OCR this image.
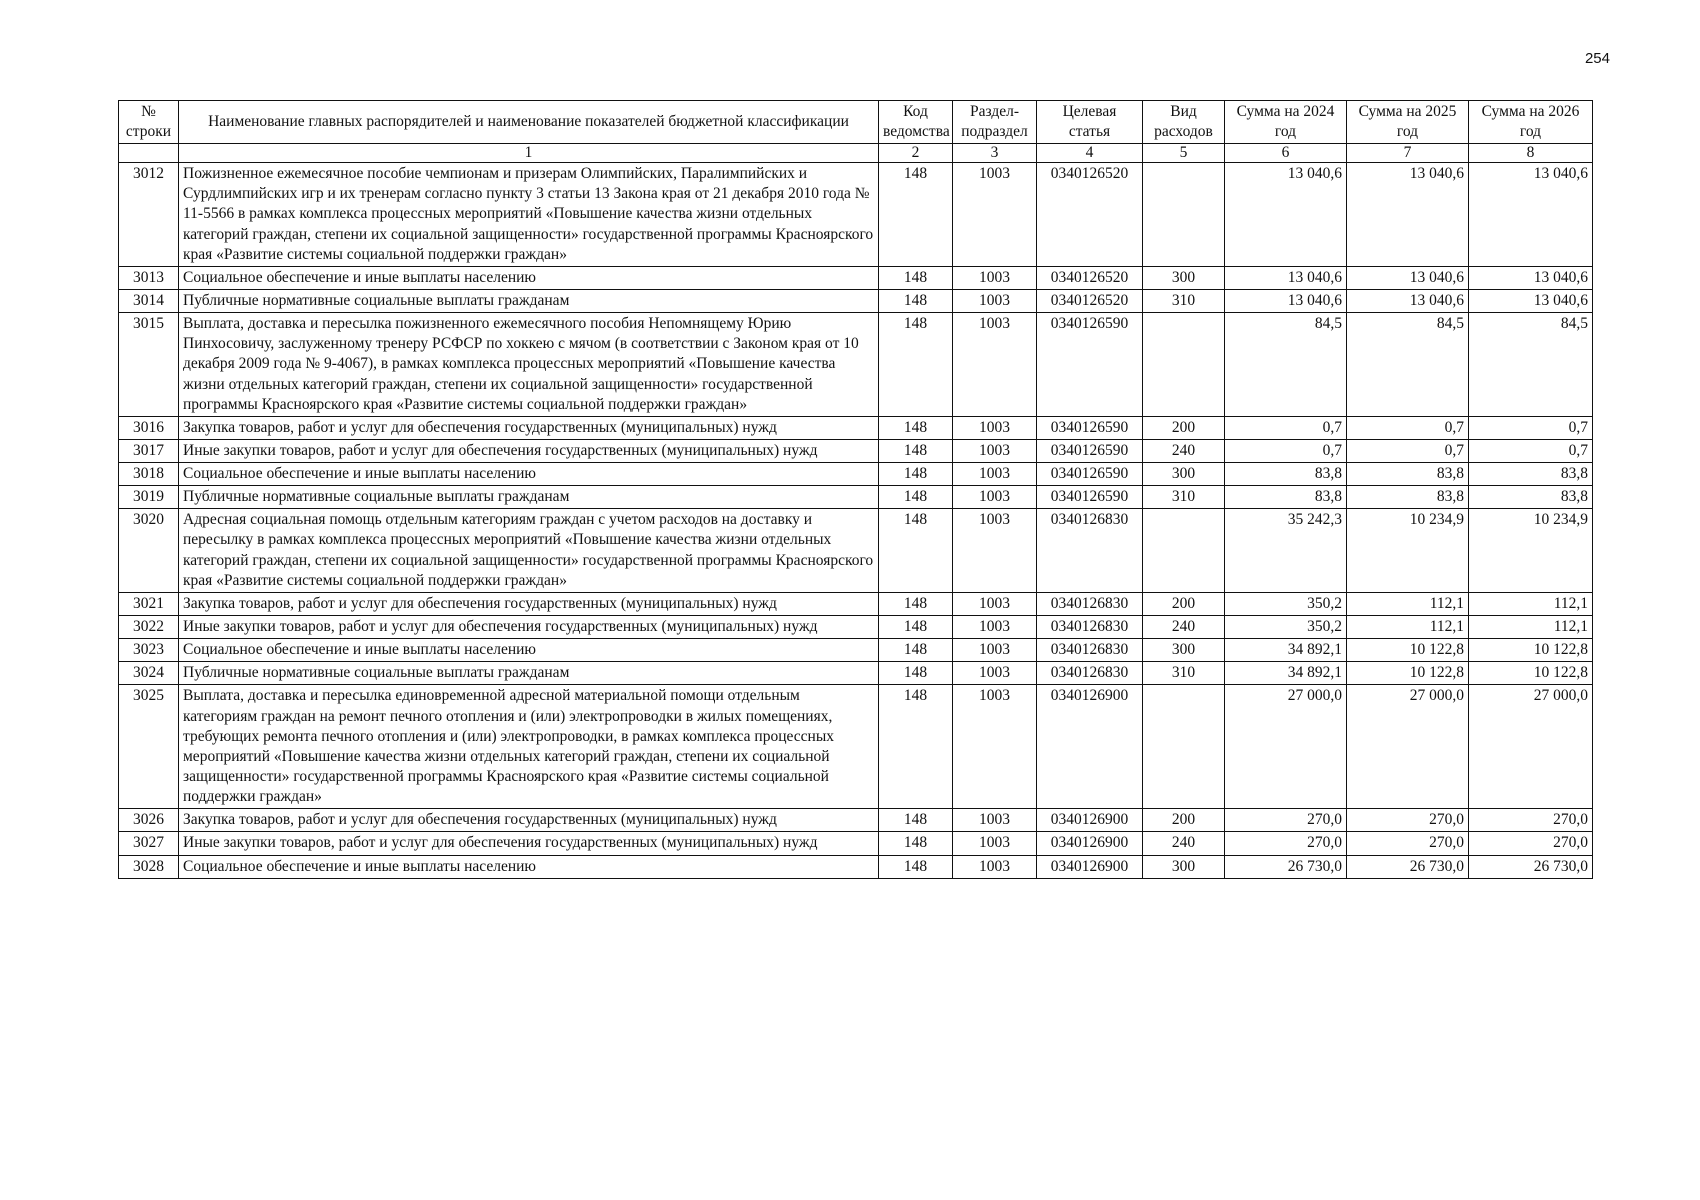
254
№ строки	Наименование главных распорядителей и наименование показателей бюджетной классификации	Код ведомства	Раздел-подраздел	Целевая статья	Вид расходов	Сумма на 2024 год	Сумма на 2025 год	Сумма на 2026 год
	1	2	3	4	5	6	7	8
3012	Пожизненное ежемесячное пособие чемпионам и призерам Олимпийских, Паралимпийских и Сурдлимпийских игр и их тренерам согласно пункту 3 статьи 13 Закона края от 21 декабря 2010 года № 11-5566 в рамках комплекса процессных мероприятий «Повышение качества жизни отдельных категорий граждан, степени их социальной защищенности» государственной программы Красноярского края «Развитие системы социальной поддержки граждан»	148	1003	0340126520		13 040,6	13 040,6	13 040,6
3013	Социальное обеспечение и иные выплаты населению	148	1003	0340126520	300	13 040,6	13 040,6	13 040,6
3014	Публичные нормативные социальные выплаты гражданам	148	1003	0340126520	310	13 040,6	13 040,6	13 040,6
3015	Выплата, доставка и пересылка пожизненного ежемесячного пособия Непомнящему Юрию Пинхосовичу, заслуженному тренеру РСФСР по хоккею с мячом (в соответствии с Законом края от 10 декабря 2009 года № 9-4067), в рамках комплекса процессных мероприятий «Повышение качества жизни отдельных категорий граждан, степени их социальной защищенности» государственной программы Красноярского края «Развитие системы социальной поддержки граждан»	148	1003	0340126590		84,5	84,5	84,5
3016	Закупка товаров, работ и услуг для обеспечения государственных (муниципальных) нужд	148	1003	0340126590	200	0,7	0,7	0,7
3017	Иные закупки товаров, работ и услуг для обеспечения государственных (муниципальных) нужд	148	1003	0340126590	240	0,7	0,7	0,7
3018	Социальное обеспечение и иные выплаты населению	148	1003	0340126590	300	83,8	83,8	83,8
3019	Публичные нормативные социальные выплаты гражданам	148	1003	0340126590	310	83,8	83,8	83,8
3020	Адресная социальная помощь отдельным категориям граждан с учетом расходов на доставку и пересылку в рамках комплекса процессных мероприятий «Повышение качества жизни отдельных категорий граждан, степени их социальной защищенности» государственной программы Красноярского края «Развитие системы социальной поддержки граждан»	148	1003	0340126830		35 242,3	10 234,9	10 234,9
3021	Закупка товаров, работ и услуг для обеспечения государственных (муниципальных) нужд	148	1003	0340126830	200	350,2	112,1	112,1
3022	Иные закупки товаров, работ и услуг для обеспечения государственных (муниципальных) нужд	148	1003	0340126830	240	350,2	112,1	112,1
3023	Социальное обеспечение и иные выплаты населению	148	1003	0340126830	300	34 892,1	10 122,8	10 122,8
3024	Публичные нормативные социальные выплаты гражданам	148	1003	0340126830	310	34 892,1	10 122,8	10 122,8
3025	Выплата, доставка и пересылка единовременной адресной материальной помощи отдельным категориям граждан на ремонт печного отопления и (или) электропроводки в жилых помещениях, требующих ремонта печного отопления и (или) электропроводки, в рамках комплекса процессных мероприятий «Повышение качества жизни отдельных категорий граждан, степени их социальной защищенности» государственной программы Красноярского края «Развитие системы социальной поддержки граждан»	148	1003	0340126900		27 000,0	27 000,0	27 000,0
3026	Закупка товаров, работ и услуг для обеспечения государственных (муниципальных) нужд	148	1003	0340126900	200	270,0	270,0	270,0
3027	Иные закупки товаров, работ и услуг для обеспечения государственных (муниципальных) нужд	148	1003	0340126900	240	270,0	270,0	270,0
3028	Социальное обеспечение и иные выплаты населению	148	1003	0340126900	300	26 730,0	26 730,0	26 730,0
